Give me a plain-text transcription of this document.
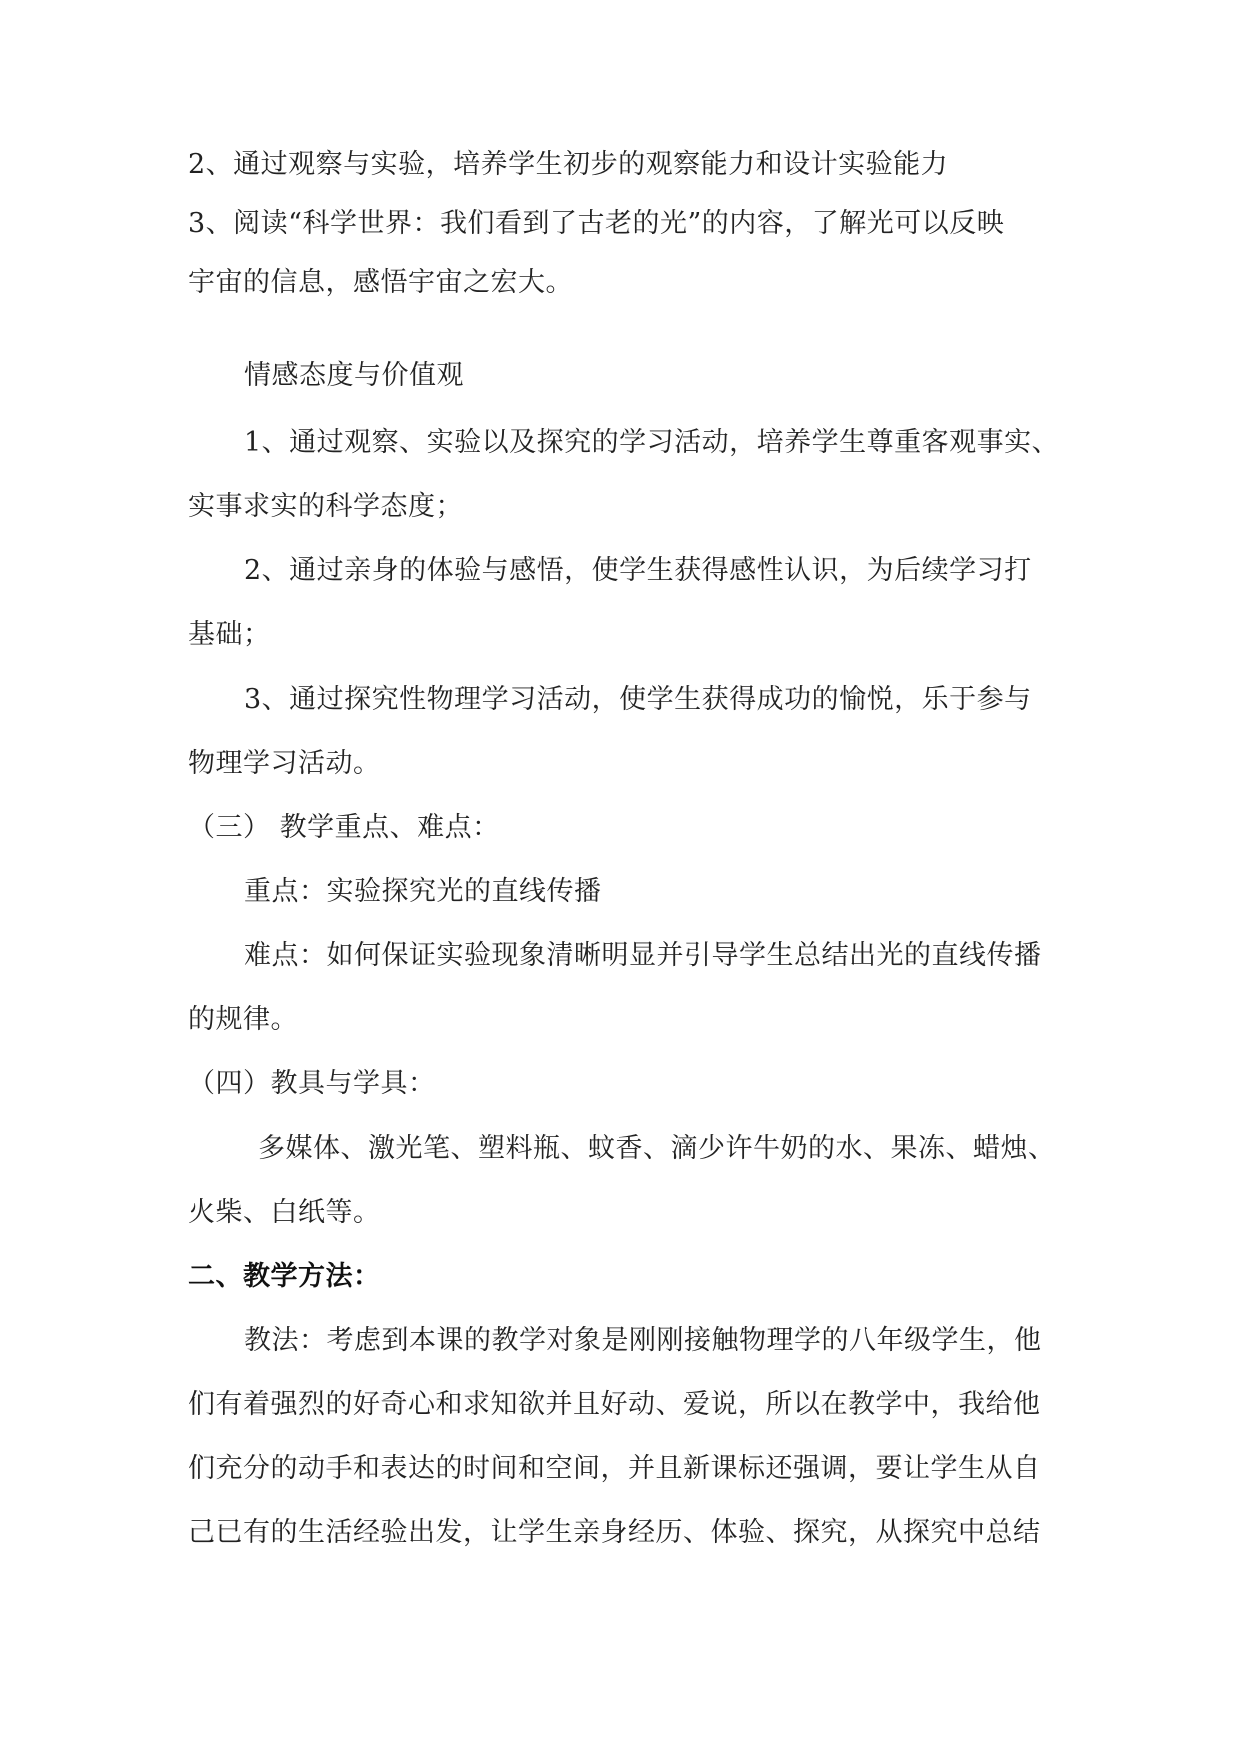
2、通过观察与实验，培养学生初步的观察能力和设计实验能力
3、阅读“科学世界：我们看到了古老的光”的内容，了解光可以反映
宇宙的信息，感悟宇宙之宏大。
情感态度与价值观
1、通过观察、实验以及探究的学习活动，培养学生尊重客观事实、
实事求实的科学态度；
2、通过亲身的体验与感悟，使学生获得感性认识，为后续学习打
基础；
3、通过探究性物理学习活动，使学生获得成功的愉悦，乐于参与
物理学习活动。
（三） 教学重点、难点：
重点：实验探究光的直线传播
难点：如何保证实验现象清晰明显并引导学生总结出光的直线传播
的规律。
（四）教具与学具：
多媒体、激光笔、塑料瓶、蚊香、滴少许牛奶的水、果冻、蜡烛、
火柴、白纸等。
二、教学方法：
教法：考虑到本课的教学对象是刚刚接触物理学的八年级学生，他
们有着强烈的好奇心和求知欲并且好动、爱说，所以在教学中，我给他
们充分的动手和表达的时间和空间，并且新课标还强调，要让学生从自
己已有的生活经验出发，让学生亲身经历、体验、探究，从探究中总结
